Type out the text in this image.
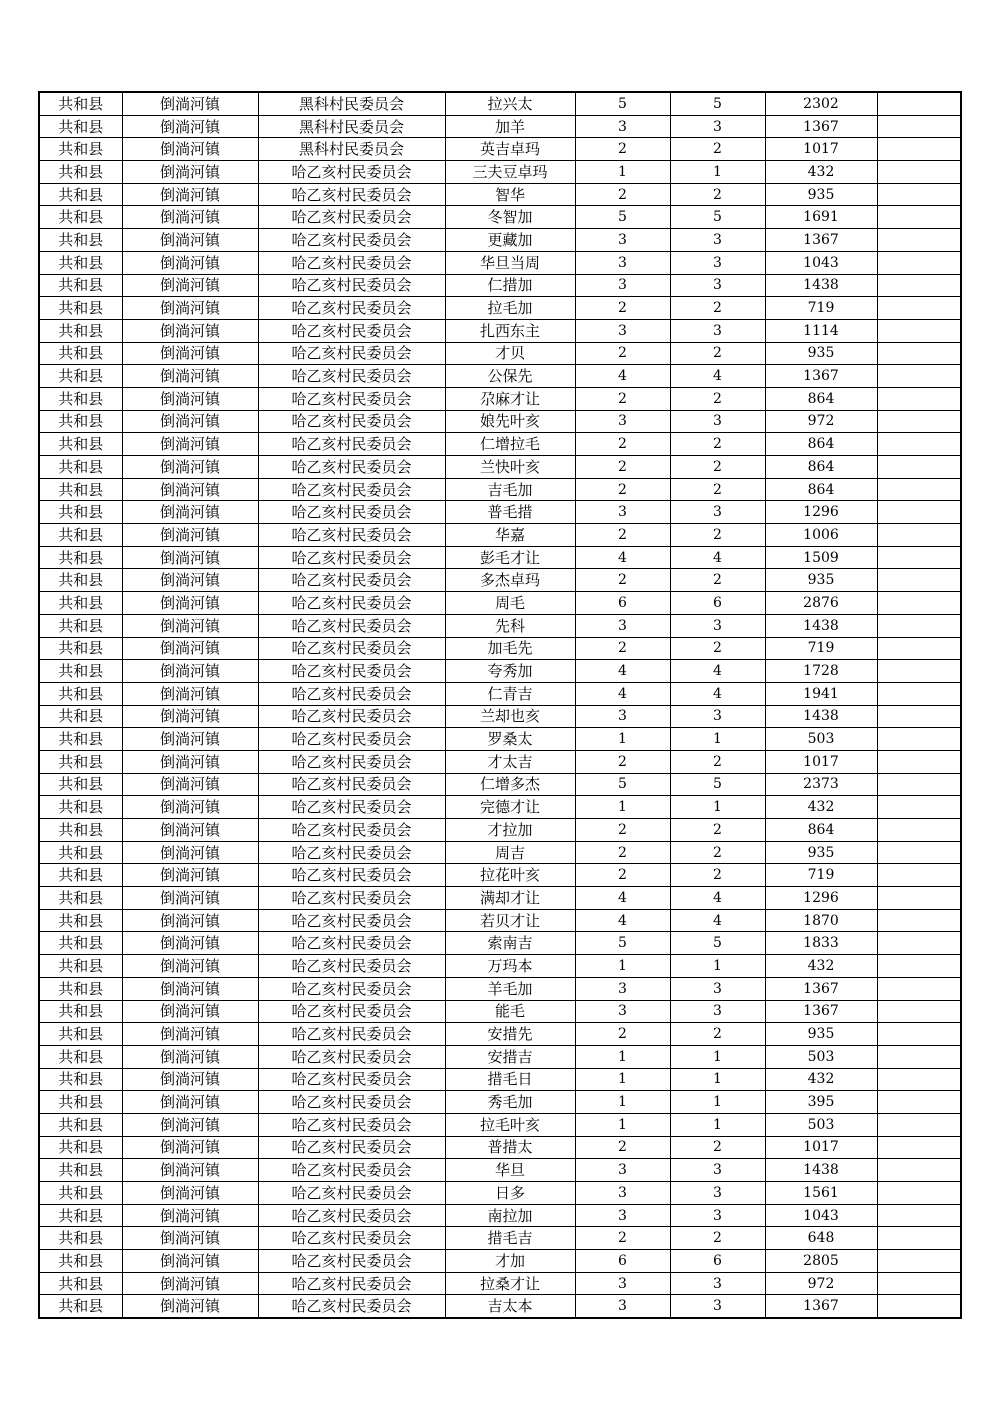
共和县	倒淌河镇	黑科村民委员会	拉兴太	5	5	2302	
共和县	倒淌河镇	黑科村民委员会	加羊	3	3	1367	
共和县	倒淌河镇	黑科村民委员会	英吉卓玛	2	2	1017	
共和县	倒淌河镇	哈乙亥村民委员会	三夫豆卓玛	1	1	432	
共和县	倒淌河镇	哈乙亥村民委员会	智华	2	2	935	
共和县	倒淌河镇	哈乙亥村民委员会	冬智加	5	5	1691	
共和县	倒淌河镇	哈乙亥村民委员会	更藏加	3	3	1367	
共和县	倒淌河镇	哈乙亥村民委员会	华旦当周	3	3	1043	
共和县	倒淌河镇	哈乙亥村民委员会	仁措加	3	3	1438	
共和县	倒淌河镇	哈乙亥村民委员会	拉毛加	2	2	719	
共和县	倒淌河镇	哈乙亥村民委员会	扎西东主	3	3	1114	
共和县	倒淌河镇	哈乙亥村民委员会	才贝	2	2	935	
共和县	倒淌河镇	哈乙亥村民委员会	公保先	4	4	1367	
共和县	倒淌河镇	哈乙亥村民委员会	尕麻才让	2	2	864	
共和县	倒淌河镇	哈乙亥村民委员会	娘先叶亥	3	3	972	
共和县	倒淌河镇	哈乙亥村民委员会	仁增拉毛	2	2	864	
共和县	倒淌河镇	哈乙亥村民委员会	兰快叶亥	2	2	864	
共和县	倒淌河镇	哈乙亥村民委员会	吉毛加	2	2	864	
共和县	倒淌河镇	哈乙亥村民委员会	普毛措	3	3	1296	
共和县	倒淌河镇	哈乙亥村民委员会	华嘉	2	2	1006	
共和县	倒淌河镇	哈乙亥村民委员会	彭毛才让	4	4	1509	
共和县	倒淌河镇	哈乙亥村民委员会	多杰卓玛	2	2	935	
共和县	倒淌河镇	哈乙亥村民委员会	周毛	6	6	2876	
共和县	倒淌河镇	哈乙亥村民委员会	先科	3	3	1438	
共和县	倒淌河镇	哈乙亥村民委员会	加毛先	2	2	719	
共和县	倒淌河镇	哈乙亥村民委员会	夸秀加	4	4	1728	
共和县	倒淌河镇	哈乙亥村民委员会	仁青吉	4	4	1941	
共和县	倒淌河镇	哈乙亥村民委员会	兰却也亥	3	3	1438	
共和县	倒淌河镇	哈乙亥村民委员会	罗桑太	1	1	503	
共和县	倒淌河镇	哈乙亥村民委员会	才太吉	2	2	1017	
共和县	倒淌河镇	哈乙亥村民委员会	仁增多杰	5	5	2373	
共和县	倒淌河镇	哈乙亥村民委员会	完德才让	1	1	432	
共和县	倒淌河镇	哈乙亥村民委员会	才拉加	2	2	864	
共和县	倒淌河镇	哈乙亥村民委员会	周吉	2	2	935	
共和县	倒淌河镇	哈乙亥村民委员会	拉花叶亥	2	2	719	
共和县	倒淌河镇	哈乙亥村民委员会	满却才让	4	4	1296	
共和县	倒淌河镇	哈乙亥村民委员会	若贝才让	4	4	1870	
共和县	倒淌河镇	哈乙亥村民委员会	索南吉	5	5	1833	
共和县	倒淌河镇	哈乙亥村民委员会	万玛本	1	1	432	
共和县	倒淌河镇	哈乙亥村民委员会	羊毛加	3	3	1367	
共和县	倒淌河镇	哈乙亥村民委员会	能毛	3	3	1367	
共和县	倒淌河镇	哈乙亥村民委员会	安措先	2	2	935	
共和县	倒淌河镇	哈乙亥村民委员会	安措吉	1	1	503	
共和县	倒淌河镇	哈乙亥村民委员会	措毛日	1	1	432	
共和县	倒淌河镇	哈乙亥村民委员会	秀毛加	1	1	395	
共和县	倒淌河镇	哈乙亥村民委员会	拉毛叶亥	1	1	503	
共和县	倒淌河镇	哈乙亥村民委员会	普措太	2	2	1017	
共和县	倒淌河镇	哈乙亥村民委员会	华旦	3	3	1438	
共和县	倒淌河镇	哈乙亥村民委员会	日多	3	3	1561	
共和县	倒淌河镇	哈乙亥村民委员会	南拉加	3	3	1043	
共和县	倒淌河镇	哈乙亥村民委员会	措毛吉	2	2	648	
共和县	倒淌河镇	哈乙亥村民委员会	才加	6	6	2805	
共和县	倒淌河镇	哈乙亥村民委员会	拉桑才让	3	3	972	
共和县	倒淌河镇	哈乙亥村民委员会	吉太本	3	3	1367	
